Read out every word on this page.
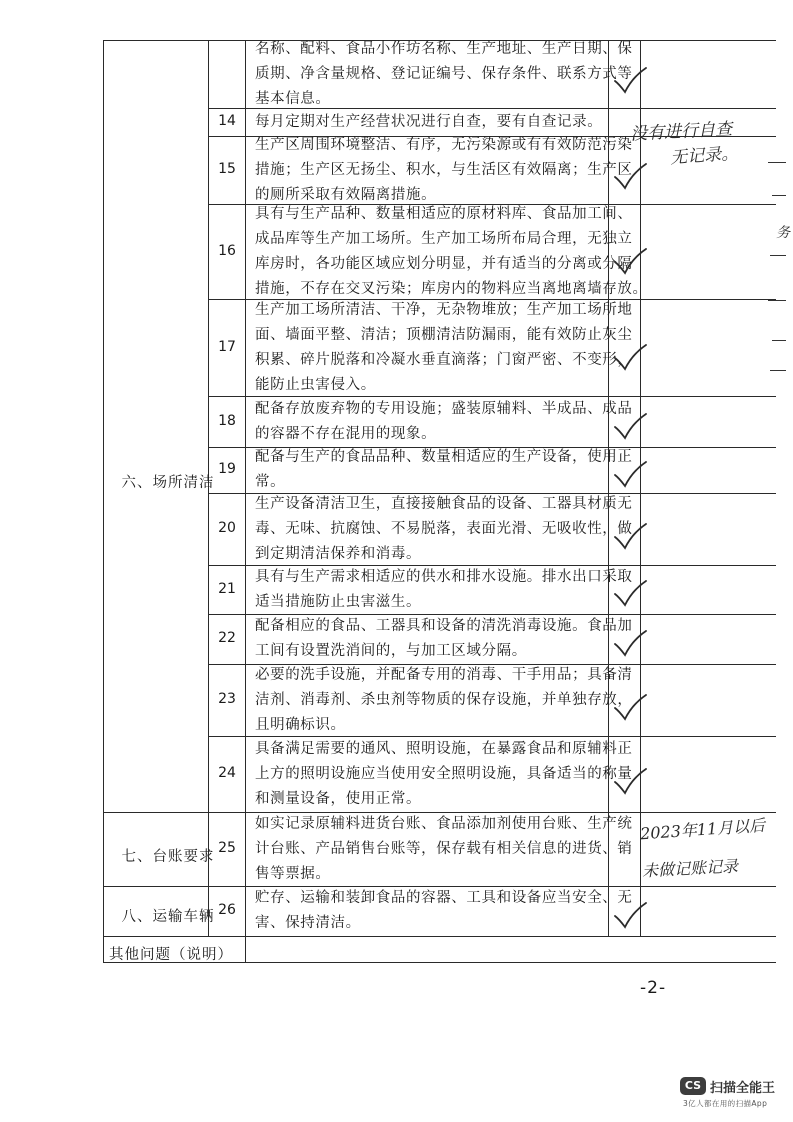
六、场所清洁
七、台账要求
八、运输车辆
其他问题（说明）
名称、配料、食品小作坊名称、生产地址、生产日期、保
质期、净含量规格、登记证编号、保存条件、联系方式等
基本信息。
14	每月定期对生产经营状况进行自查，要有自查记录。
15
生产区周围环境整洁、有序，无污染源或有有效防范污染
措施；生产区无扬尘、积水，与生活区有效隔离；生产区
的厕所采取有效隔离措施。
16
具有与生产品种、数量相适应的原材料库、食品加工间、
成品库等生产加工场所。生产加工场所布局合理，无独立
库房时，各功能区域应划分明显，并有适当的分离或分隔
措施，不存在交叉污染；库房内的物料应当离地离墙存放。
17
生产加工场所清洁、干净，无杂物堆放；生产加工场所地
面、墙面平整、清洁；顶棚清洁防漏雨，能有效防止灰尘
积累、碎片脱落和冷凝水垂直滴落；门窗严密、不变形，
能防止虫害侵入。
18
配备存放废弃物的专用设施；盛装原辅料、半成品、成品
的容器不存在混用的现象。
19
配备与生产的食品品种、数量相适应的生产设备，使用正
常。
20
生产设备清洁卫生，直接接触食品的设备、工器具材质无
毒、无味、抗腐蚀、不易脱落，表面光滑、无吸收性，做
到定期清洁保养和消毒。
21
具有与生产需求相适应的供水和排水设施。排水出口采取
适当措施防止虫害滋生。
22
配备相应的食品、工器具和设备的清洗消毒设施。食品加
工间有设置洗消间的，与加工区域分隔。
23
必要的洗手设施，并配备专用的消毒、干手用品；具备清
洁剂、消毒剂、杀虫剂等物质的保存设施，并单独存放，
且明确标识。
24
具备满足需要的通风、照明设施，在暴露食品和原辅料正
上方的照明设施应当使用安全照明设施，具备适当的称量
和测量设备，使用正常。
25
如实记录原辅料进货台账、食品添加剂使用台账、生产统
计台账、产品销售台账等，保存载有相关信息的进货、销
售等票据。
26
贮存、运输和装卸食品的容器、工具和设备应当安全、无
害、保持清洁。
没有进行自查
无记录。
2023年11月以后
未做记账记录
务
-2-
CS 扫描全能王
3亿人都在用的扫描App
